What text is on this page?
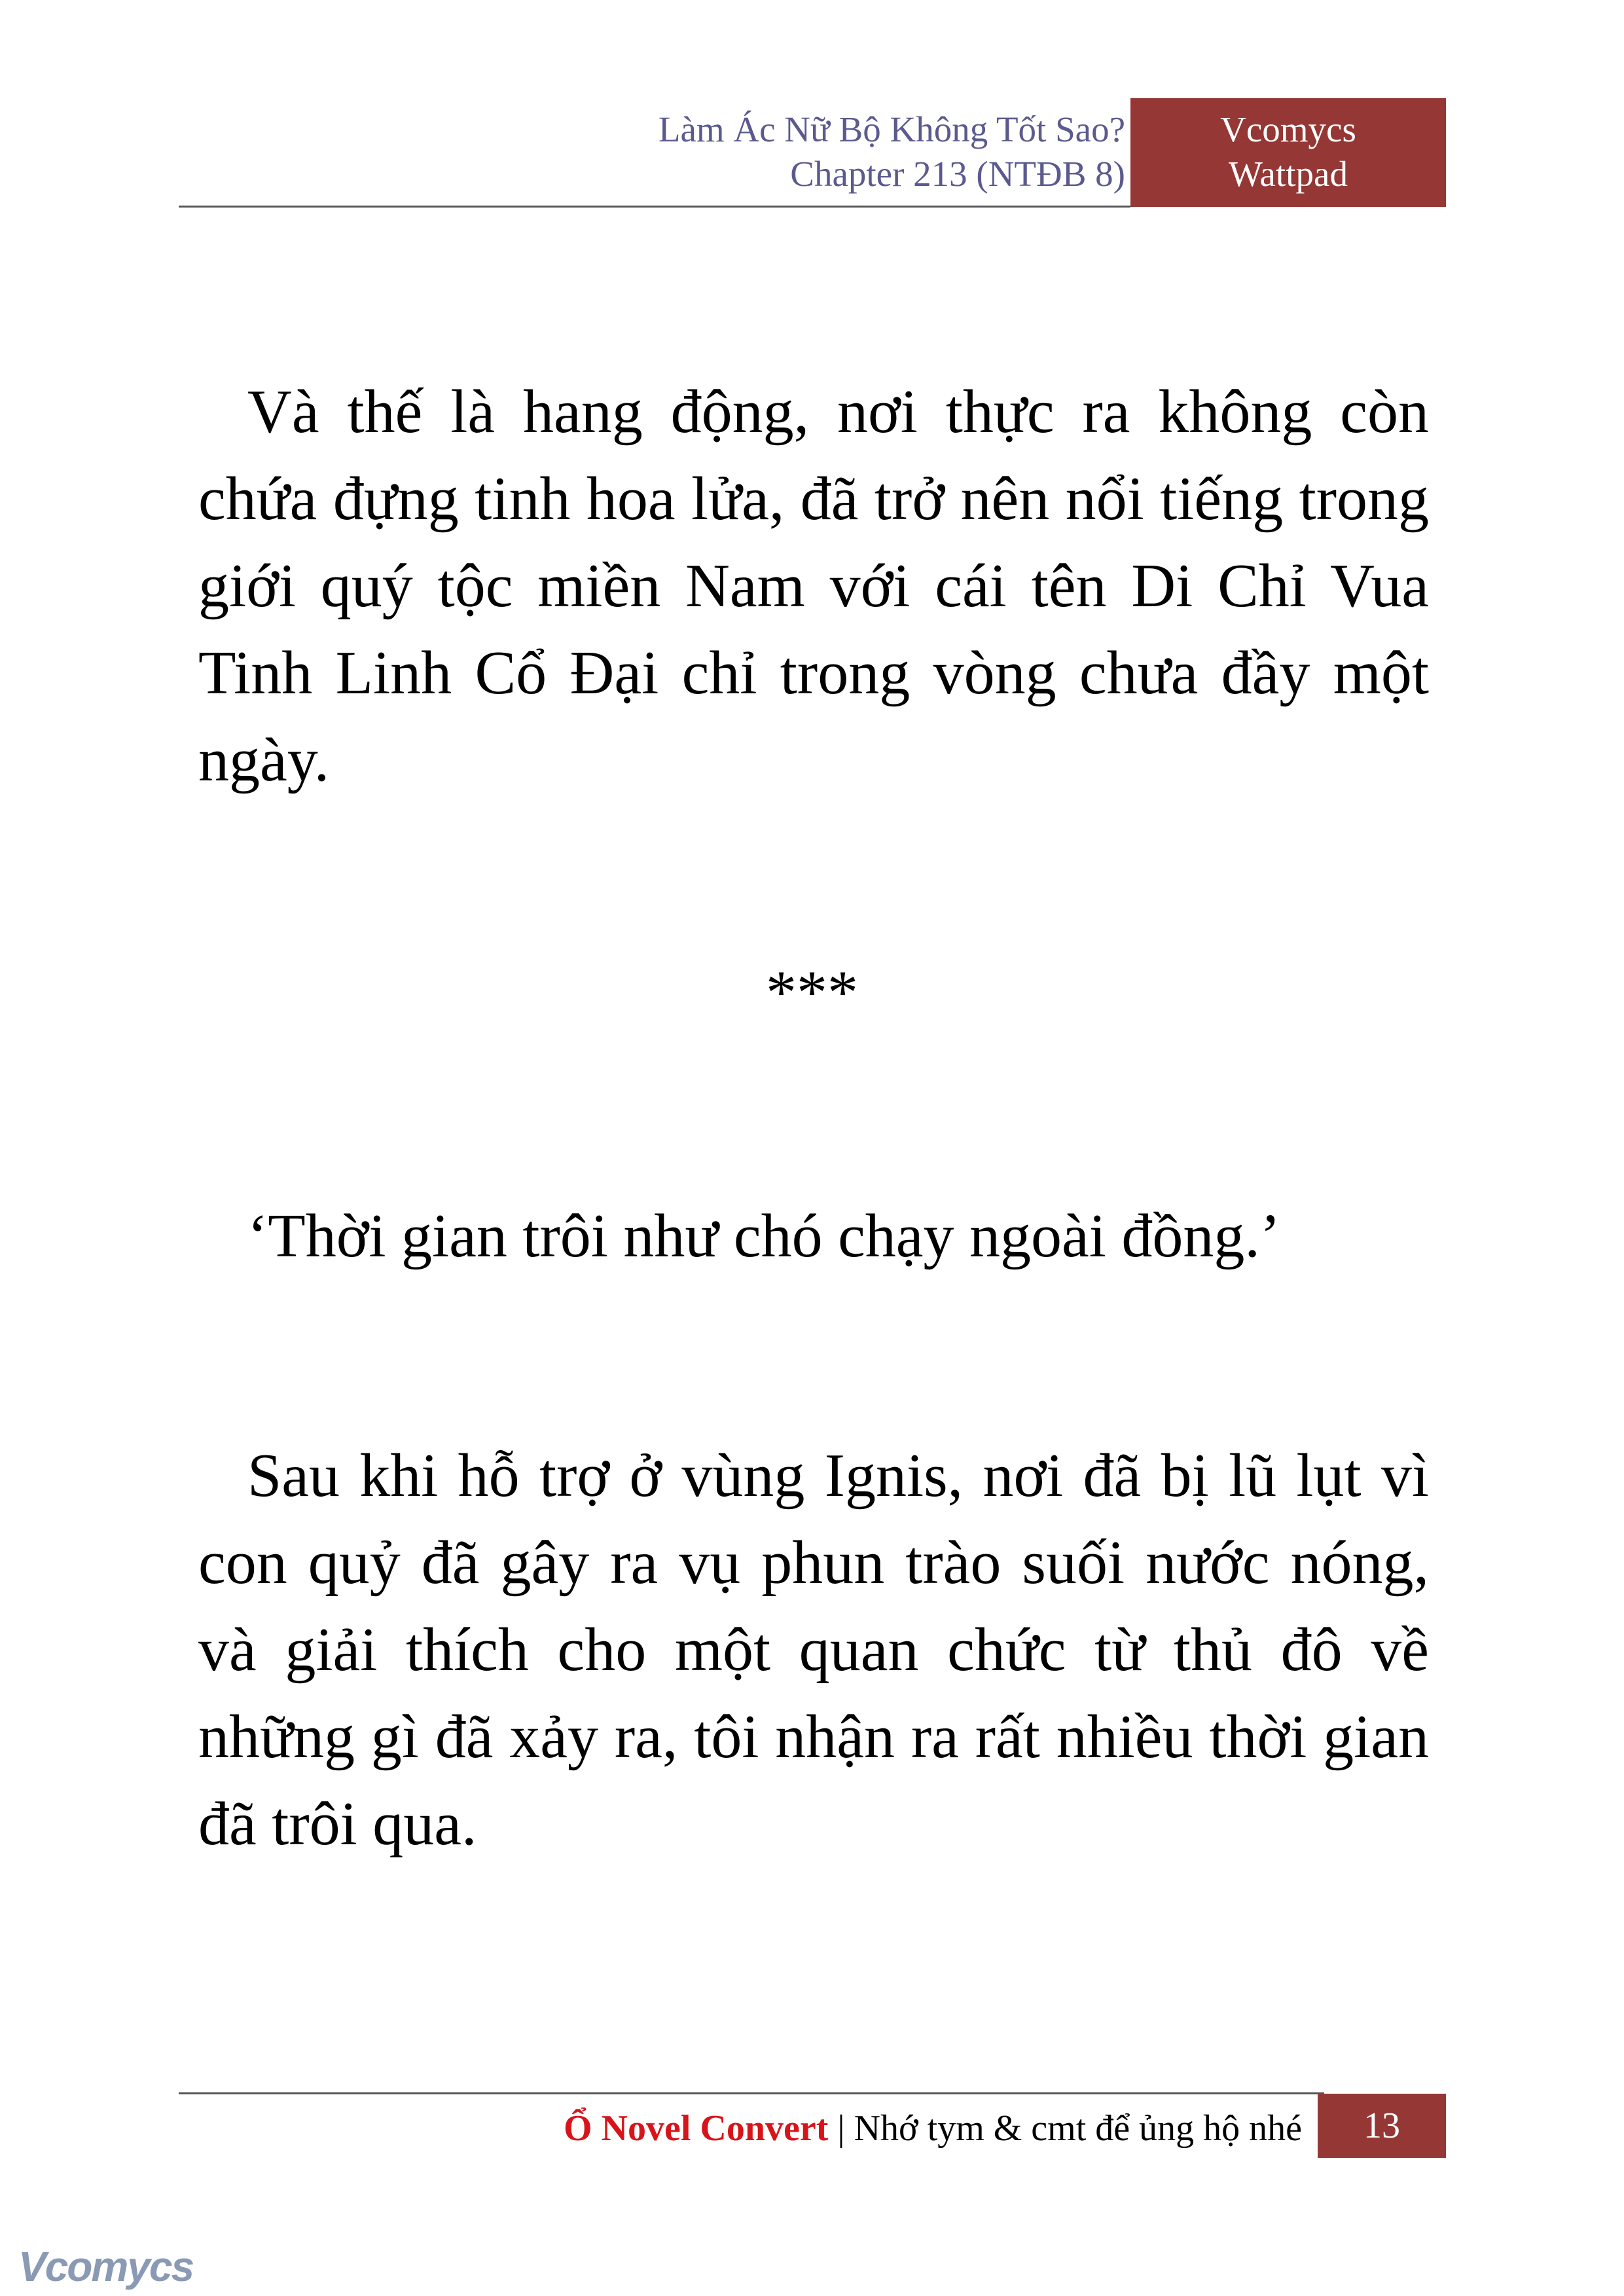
Làm Ác Nữ Bộ Không Tốt Sao?
Chapter 213 (NTĐB 8)
Vcomycs
Wattpad
Và thế là hang động, nơi thực ra không còn chứa đựng tinh hoa lửa, đã trở nên nổi tiếng trong giới quý tộc miền Nam với cái tên Di Chỉ Vua Tinh Linh Cổ Đại chỉ trong vòng chưa đầy một ngày.
***
‘Thời gian trôi như chó chạy ngoài đồng.’
Sau khi hỗ trợ ở vùng Ignis, nơi đã bị lũ lụt vì con quỷ đã gây ra vụ phun trào suối nước nóng, và giải thích cho một quan chức từ thủ đô về những gì đã xảy ra, tôi nhận ra rất nhiều thời gian đã trôi qua.
Ổ Novel Convert | Nhớ tym & cmt để ủng hộ nhé	13
Vcomycs
